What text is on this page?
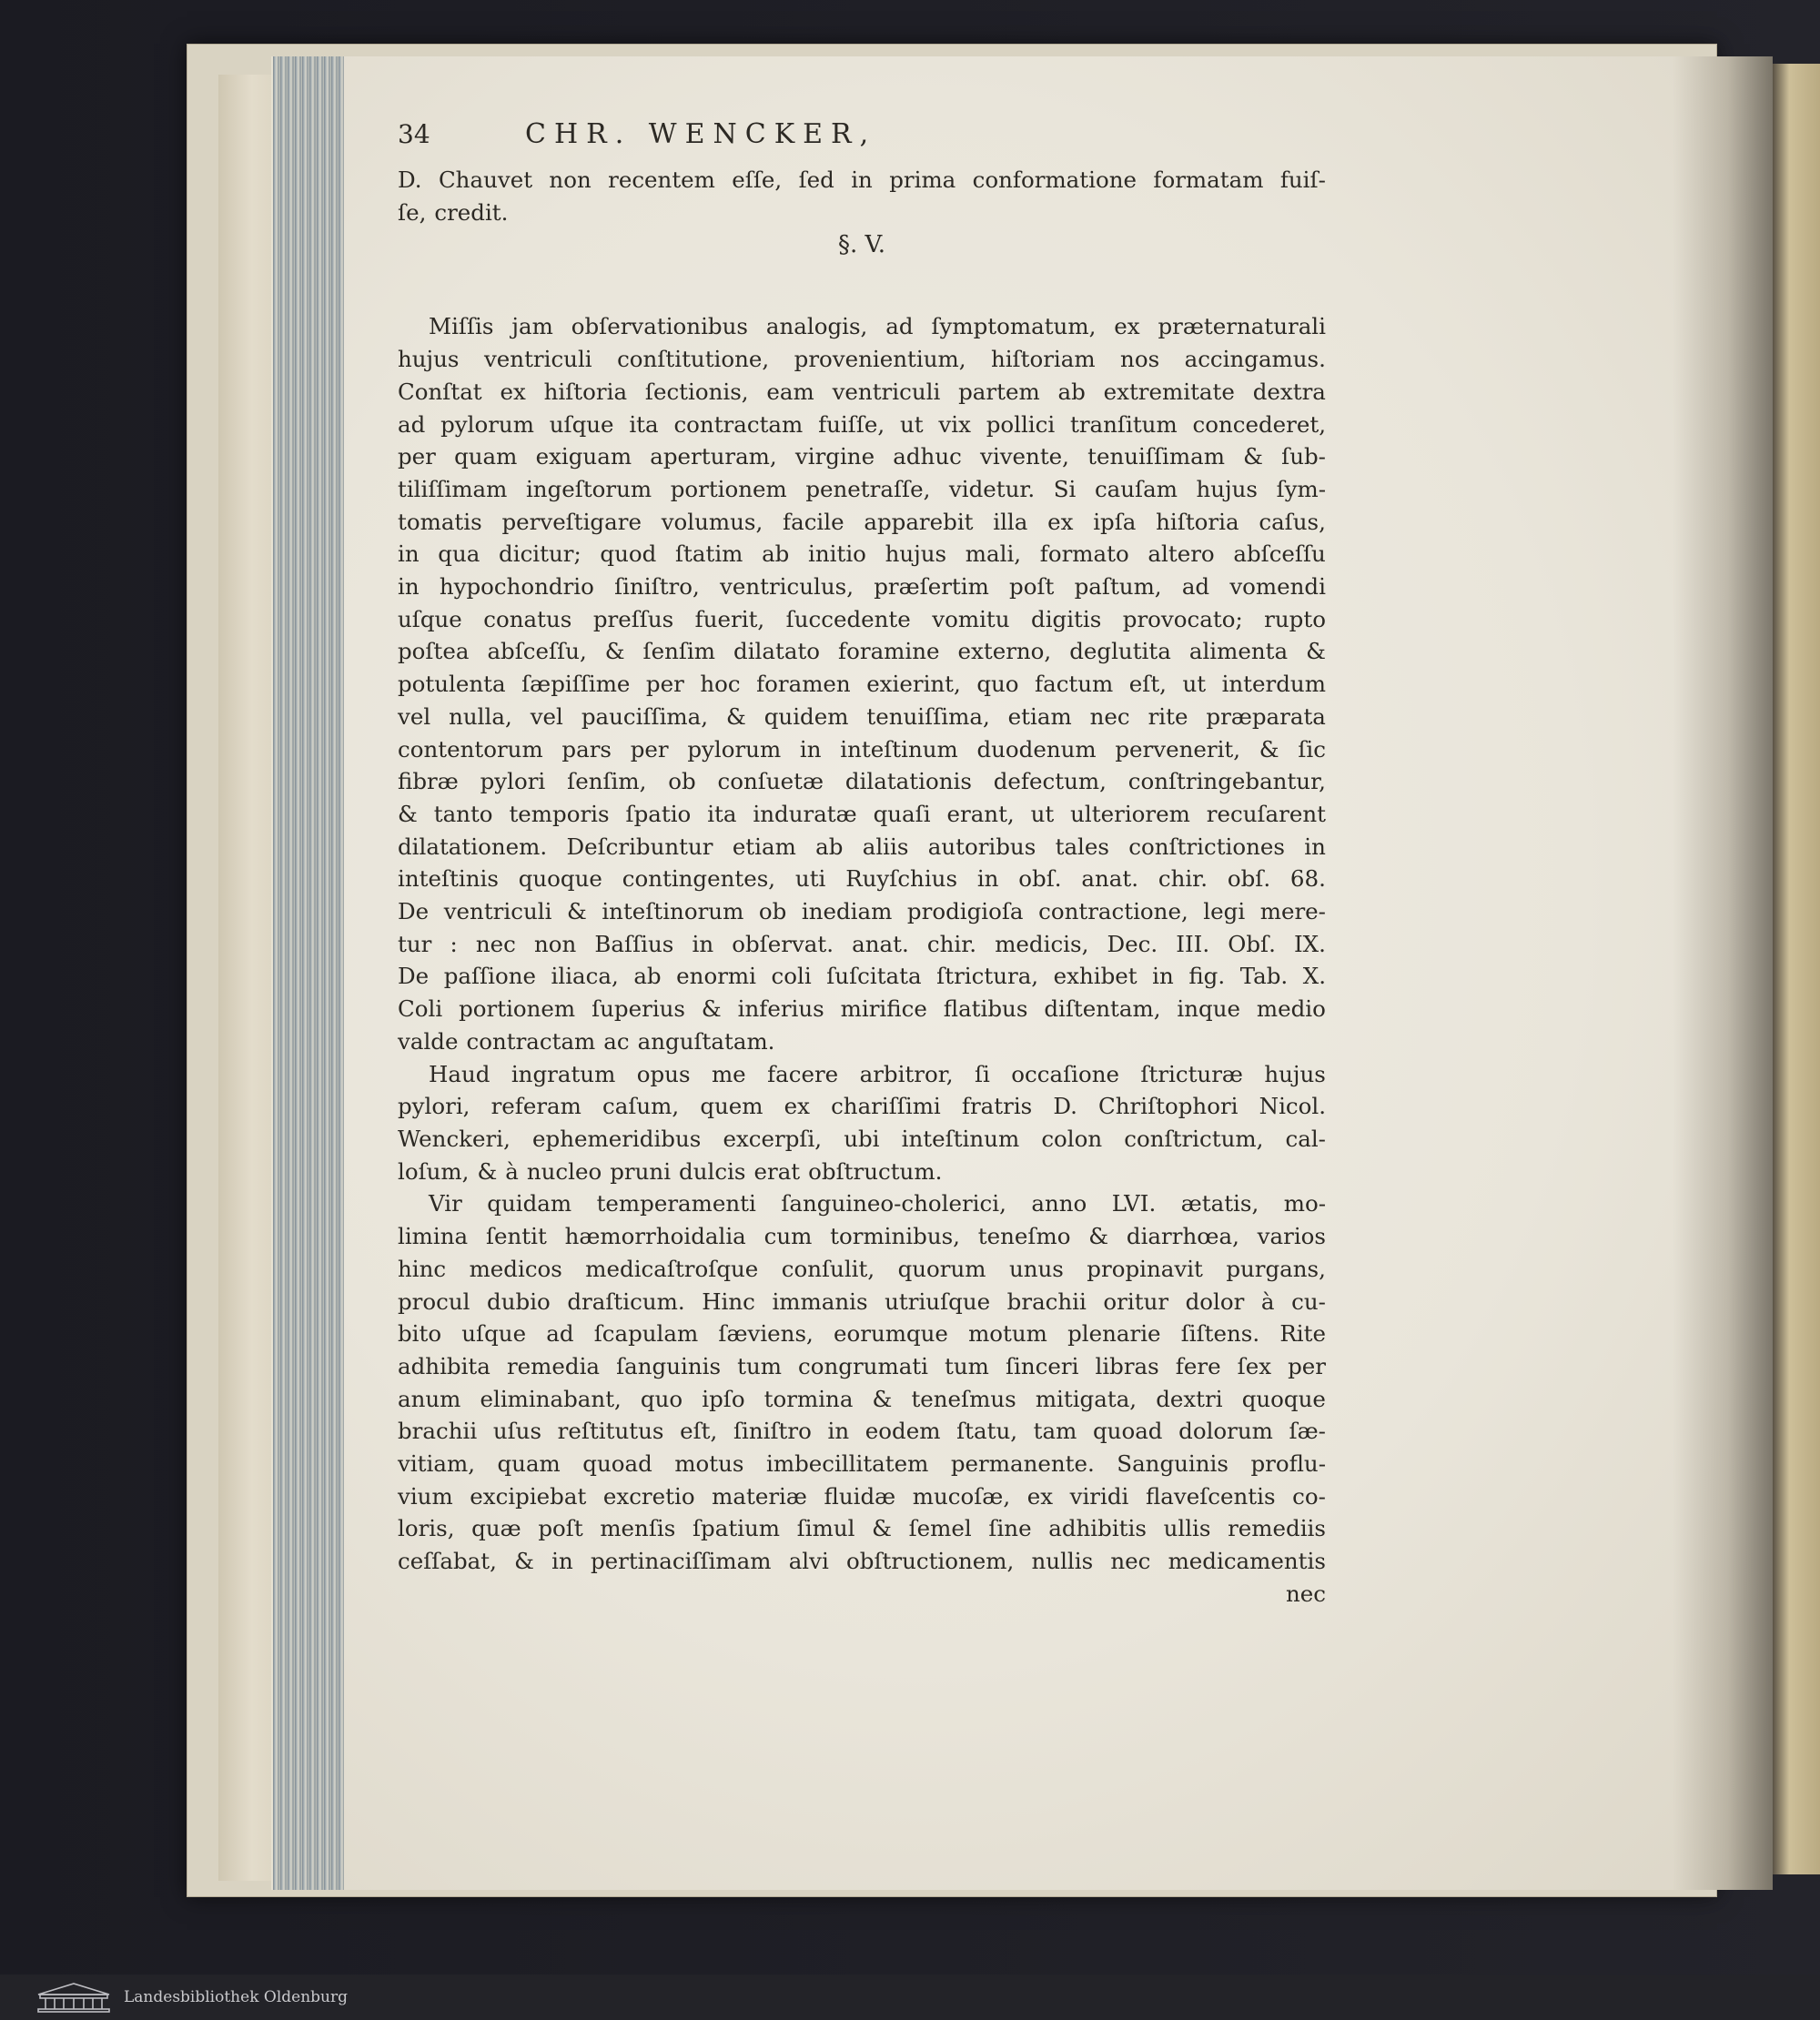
34	CHR. WENCKER,
D. Chauvet non recentem eſſe, ſed in prima conformatione formatam fuiſ-
ſe, credit.
§. V.
Miſſis jam obſervationibus analogis, ad ſymptomatum, ex præternaturali
hujus ventriculi conſtitutione, provenientium, hiſtoriam nos accingamus.
Conſtat ex hiſtoria ſectionis, eam ventriculi partem ab extremitate dextra
ad pylorum uſque ita contractam fuiſſe, ut vix pollici tranſitum concederet,
per quam exiguam aperturam, virgine adhuc vivente, tenuiſſimam & ſub-
tiliſſimam ingeſtorum portionem penetraſſe, videtur. Si cauſam hujus ſym-
tomatis perveſtigare volumus, facile apparebit illa ex ipſa hiſtoria caſus,
in qua dicitur; quod ſtatim ab initio hujus mali, formato altero abſceſſu
in hypochondrio ſiniſtro, ventriculus, præſertim poſt paſtum, ad vomendi
uſque conatus preſſus fuerit, ſuccedente vomitu digitis provocato; rupto
poſtea abſceſſu, & ſenſim dilatato foramine externo, deglutita alimenta &
potulenta ſæpiſſime per hoc foramen exierint, quo factum eſt, ut interdum
vel nulla, vel pauciſſima, & quidem tenuiſſima, etiam nec rite præparata
contentorum pars per pylorum in inteſtinum duodenum pervenerit, & ſic
fibræ pylori ſenſim, ob conſuetæ dilatationis defectum, conſtringebantur,
& tanto temporis ſpatio ita induratæ quaſi erant, ut ulteriorem recuſarent
dilatationem. Deſcribuntur etiam ab aliis autoribus tales conſtrictiones in
inteſtinis quoque contingentes, uti Ruyſchius in obſ. anat. chir. obſ. 68.
De ventriculi & inteſtinorum ob inediam prodigioſa contractione, legi mere-
tur : nec non Baſſius in obſervat. anat. chir. medicis, Dec. III. Obſ. IX.
De paſſione iliaca, ab enormi coli ſuſcitata ſtrictura, exhibet in fig. Tab. X.
Coli portionem ſuperius & inferius mirifice flatibus diſtentam, inque medio
valde contractam ac anguſtatam.
Haud ingratum opus me facere arbitror, ſi occaſione ſtricturæ hujus
pylori, referam caſum, quem ex chariſſimi fratris D. Chriſtophori Nicol.
Wenckeri, ephemeridibus excerpſi, ubi inteſtinum colon conſtrictum, cal-
loſum, & à nucleo pruni dulcis erat obſtructum.
Vir quidam temperamenti ſanguineo-cholerici, anno LVI. ætatis, mo-
limina ſentit hæmorrhoidalia cum torminibus, teneſmo & diarrhœa, varios
hinc medicos medicaſtroſque conſulit, quorum unus propinavit purgans,
procul dubio draſticum. Hinc immanis utriuſque brachii oritur dolor à cu-
bito uſque ad ſcapulam ſæviens, eorumque motum plenarie ſiſtens. Rite
adhibita remedia ſanguinis tum congrumati tum ſinceri libras fere ſex per
anum eliminabant, quo ipſo tormina & teneſmus mitigata, dextri quoque
brachii uſus reſtitutus eſt, ſiniſtro in eodem ſtatu, tam quoad dolorum ſæ-
vitiam, quam quoad motus imbecillitatem permanente. Sanguinis proflu-
vium excipiebat excretio materiæ fluidæ mucoſæ, ex viridi flaveſcentis co-
loris, quæ poſt menſis ſpatium ſimul & ſemel ſine adhibitis ullis remediis
ceſſabat, & in pertinaciſſimam alvi obſtructionem, nullis nec medicamentis
nec
Landesbibliothek Oldenburg
